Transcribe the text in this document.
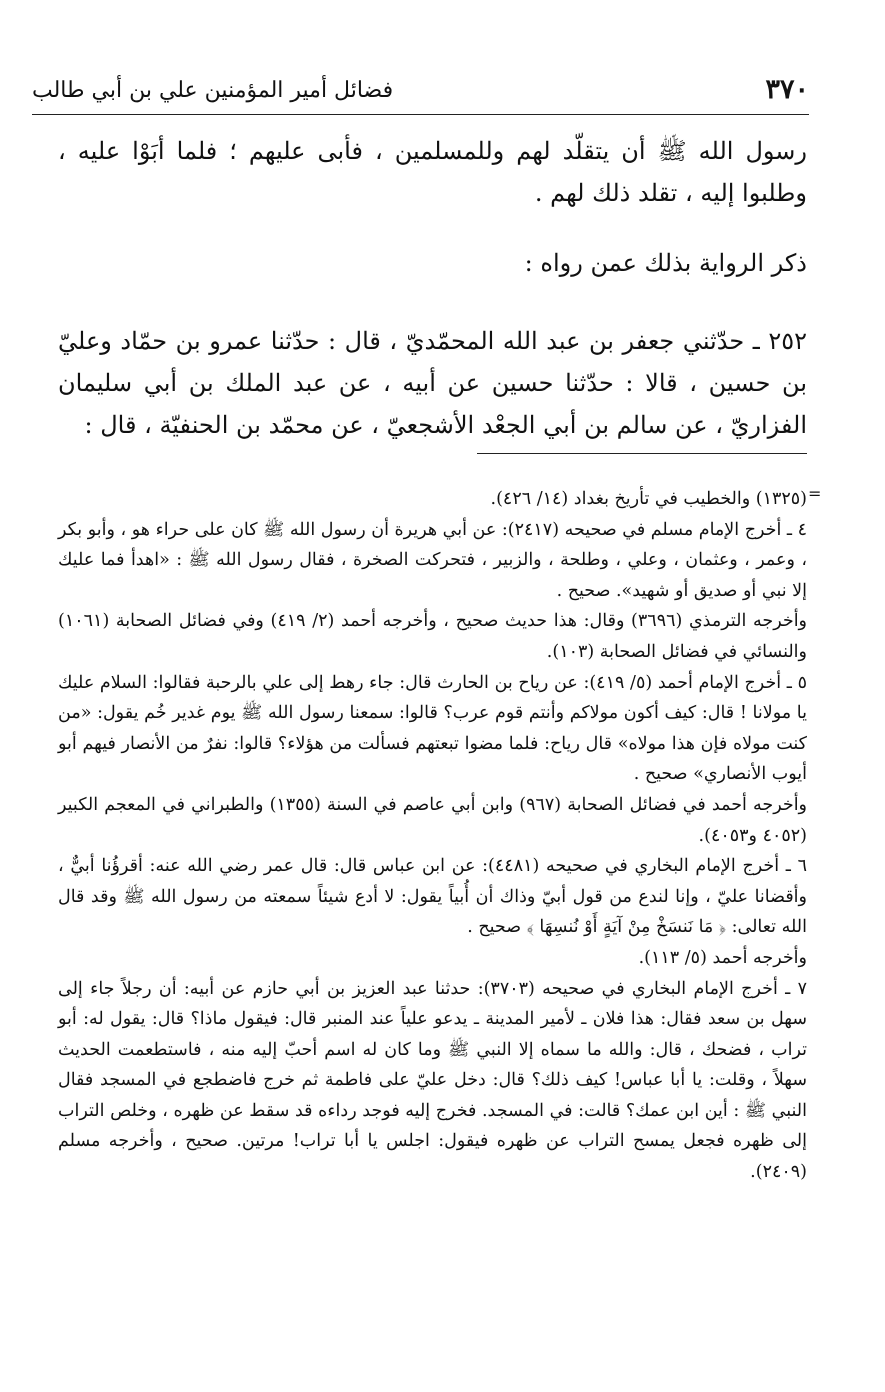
٣٧٠
فضائل أمير المؤمنين علي بن أبي طالب

رسول الله ﷺ أن يتقلّد لهم وللمسلمين ، فأبى عليهم ؛ فلما أبَوْا عليه ، وطلبوا إليه ، تقلد ذلك لهم .

ذكر الرواية بذلك عمن رواه :

٢٥٢ ـ حدّثني جعفر بن عبد الله المحمّديّ ، قال : حدّثنا عمرو بن حمّاد وعليّ بن حسين ، قالا : حدّثنا حسين عن أبيه ، عن عبد الملك بن أبي سليمان الفزاريّ ، عن سالم بن أبي الجعْد الأشجعيّ ، عن محمّد بن الحنفيّة ، قال :

=

(١٣٢٥) والخطيب في تأريخ بغداد (١٤/ ٤٢٦).

٤ ـ أخرج الإمام مسلم في صحيحه (٢٤١٧): عن أبي هريرة أن رسول الله ﷺ كان على حراء هو ، وأبو بكر ، وعمر ، وعثمان ، وعلي ، وطلحة ، والزبير ، فتحركت الصخرة ، فقال رسول الله ﷺ : «اهدأ فما عليك إلا نبي أو صديق أو شهيد». صحيح .

وأخرجه الترمذي (٣٦٩٦) وقال: هذا حديث صحيح ، وأخرجه أحمد (٢/ ٤١٩) وفي فضائل الصحابة (١٠٦١) والنسائي في فضائل الصحابة (١٠٣).

٥ ـ أخرج الإمام أحمد (٥/ ٤١٩): عن رياح بن الحارث قال: جاء رهط إلى علي بالرحبة فقالوا: السلام عليك يا مولانا ! قال: كيف أكون مولاكم وأنتم قوم عرب؟ قالوا: سمعنا رسول الله ﷺ يوم غدير خُم يقول: «من كنت مولاه فإن هذا مولاه» قال رياح: فلما مضوا تبعتهم فسألت من هؤلاء؟ قالوا: نفرٌ من الأنصار فيهم أبو أيوب الأنصاري» صحيح .

وأخرجه أحمد في فضائل الصحابة (٩٦٧) وابن أبي عاصم في السنة (١٣٥٥) والطبراني في المعجم الكبير (٤٠٥٢ و٤٠٥٣).

٦ ـ أخرج الإمام البخاري في صحيحه (٤٤٨١): عن ابن عباس قال: قال عمر رضي الله عنه: أقرؤُنا أبيٌّ ، وأقضانا عليّ ، وإنا لندع من قول أبيّ وذاك أن أُبياً يقول: لا أدع شيئاً سمعته من رسول الله ﷺ وقد قال الله تعالى: ﴿ مَا نَنسَخْ مِنْ آيَةٍ أَوْ نُنسِهَا ﴾ صحيح .

وأخرجه أحمد (٥/ ١١٣).

٧ ـ أخرج الإمام البخاري في صحيحه (٣٧٠٣): حدثنا عبد العزيز بن أبي حازم عن أبيه: أن رجلاً جاء إلى سهل بن سعد فقال: هذا فلان ـ لأمير المدينة ـ يدعو علياً عند المنبر قال: فيقول ماذا؟ قال: يقول له: أبو تراب ، فضحك ، قال: والله ما سماه إلا النبي ﷺ وما كان له اسم أحبّ إليه منه ، فاستطعمت الحديث سهلاً ، وقلت: يا أبا عباس! كيف ذلك؟ قال: دخل عليّ على فاطمة ثم خرج فاضطجع في المسجد فقال النبي ﷺ : أين ابن عمك؟ قالت: في المسجد. فخرج إليه فوجد رداءه قد سقط عن ظهره ، وخلص التراب إلى ظهره فجعل يمسح التراب عن ظهره فيقول: اجلس يا أبا تراب! مرتين. صحيح ، وأخرجه مسلم (٢٤٠٩).
